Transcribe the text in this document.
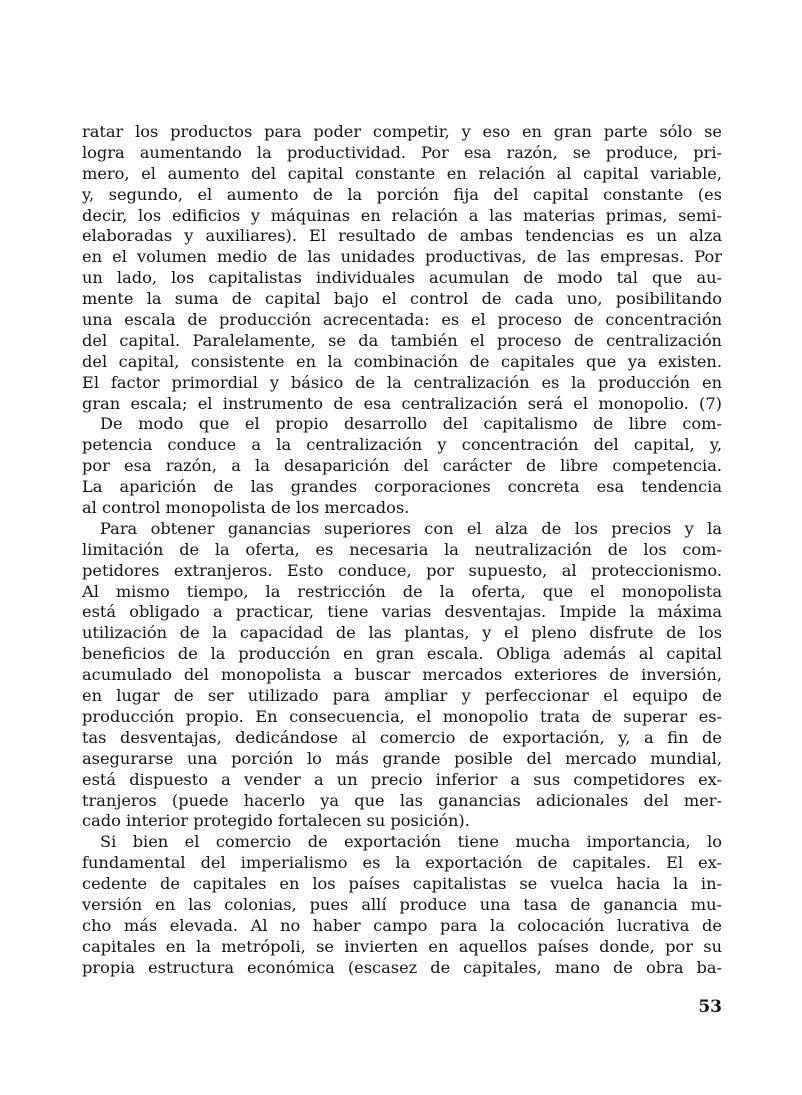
ratar los productos para poder competir, y eso en gran parte sólo se
logra aumentando la productividad. Por esa razón, se produce, pri-
mero, el aumento del capital constante en relación al capital variable,
y, segundo, el aumento de la porción fija del capital constante (es
decir, los edificios y máquinas en relación a las materias primas, semi-
elaboradas y auxiliares). El resultado de ambas tendencias es un alza
en el volumen medio de las unidades productivas, de las empresas. Por
un lado, los capitalistas individuales acumulan de modo tal que au-
mente la suma de capital bajo el control de cada uno, posibilitando
una escala de producción acrecentada: es el proceso de concentración
del capital. Paralelamente, se da también el proceso de centralización
del capital, consistente en la combinación de capitales que ya existen.
El factor primordial y básico de la centralización es la producción en
gran escala; el instrumento de esa centralización será el monopolio. (7)
De modo que el propio desarrollo del capitalismo de libre com-
petencia conduce a la centralización y concentración del capital, y,
por esa razón, a la desaparición del carácter de libre competencia.
La aparición de las grandes corporaciones concreta esa tendencia
al control monopolista de los mercados.
Para obtener ganancias superiores con el alza de los precios y la
limitación de la oferta, es necesaria la neutralización de los com-
petidores extranjeros. Esto conduce, por supuesto, al proteccionismo.
Al mismo tiempo, la restricción de la oferta, que el monopolista
está obligado a practicar, tiene varias desventajas. Impide la máxima
utilización de la capacidad de las plantas, y el pleno disfrute de los
beneficios de la producción en gran escala. Obliga además al capital
acumulado del monopolista a buscar mercados exteriores de inversión,
en lugar de ser utilizado para ampliar y perfeccionar el equipo de
producción propio. En consecuencia, el monopolio trata de superar es-
tas desventajas, dedicándose al comercio de exportación, y, a fin de
asegurarse una porción lo más grande posible del mercado mundial,
está dispuesto a vender a un precio inferior a sus competidores ex-
tranjeros (puede hacerlo ya que las ganancias adicionales del mer-
cado interior protegido fortalecen su posición).
Si bien el comercio de exportación tiene mucha importancia, lo
fundamental del imperialismo es la exportación de capitales. El ex-
cedente de capitales en los países capitalistas se vuelca hacia la in-
versión en las colonias, pues allí produce una tasa de ganancia mu-
cho más elevada. Al no haber campo para la colocación lucrativa de
capitales en la metrópoli, se invierten en aquellos países donde, por su
propia estructura económica (escasez de capitales, mano de obra ba-
53
